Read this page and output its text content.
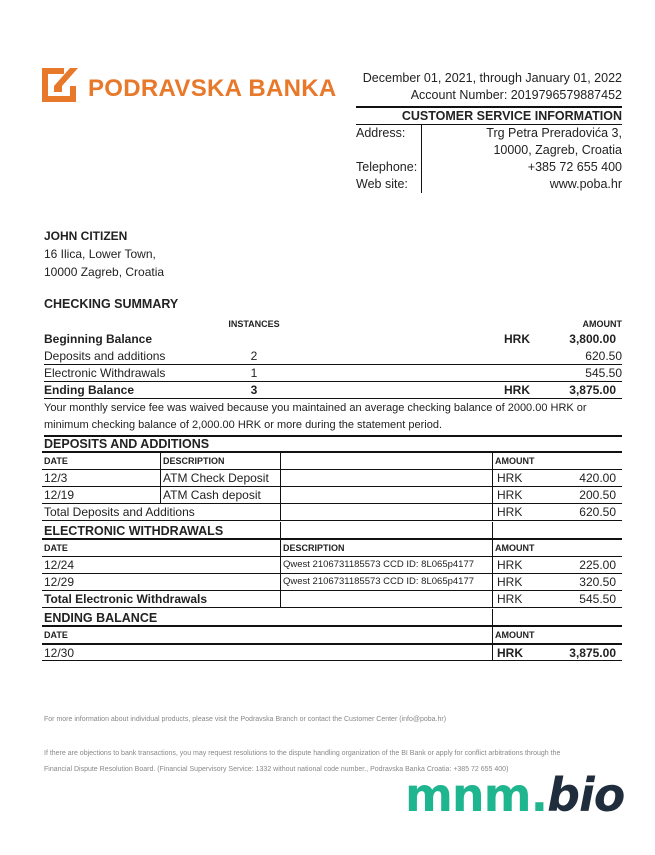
PODRAVSKA BANKA	December 01, 2021, through January 01, 2022
Account Number: 2019796579887452
CUSTOMER SERVICE INFORMATION
Address:	Trg Petra Preradovića 3,

10000, Zagreb, Croatia
Telephone:	+385 72 655 400
Web site:	www.poba.hr
JOHN CITIZEN
16 Ilica, Lower Town,
10000 Zagreb, Croatia
CHECKING SUMMARY
INSTANCES	AMOUNT
Beginning Balance	HRK	3,800.00
Deposits and additions	2	620.50
Electronic Withdrawals	1	545.50
Ending Balance	3	HRK	3,875.00
Your monthly service fee was waived because you maintained an average checking balance of 2000.00 HRK or minimum checking balance of 2,000.00 HRK or more during the statement period.
DEPOSITS AND ADDITIONS
DATE	DESCRIPTION	AMOUNT
12/3	ATM Check Deposit	HRK	420.00
12/19	ATM Cash deposit	HRK	200.50
Total Deposits and Additions	HRK	620.50
ELECTRONIC WITHDRAWALS
DATE	DESCRIPTION	AMOUNT
12/24	Qwest 2106731185573 CCD ID: 8L065p4177	HRK	225.00
12/29	Qwest 2106731185573 CCD ID: 8L065p4177	HRK	320.50
Total Electronic Withdrawals	HRK	545.50
ENDING BALANCE
DATE	AMOUNT
12/30	HRK	3,875.00
For more information about individual products, please visit the Podravska Branch or contact the Customer Center (info@poba.hr)
If there are objections to bank transactions, you may request resolutions to the dispute handling organization of the BI Bank or apply for conflict arbitrations through the Financial Dispute Resolution Board. (Financial Supervisory Service: 1332 without national code number., Podravska Banka Croatia: +385 72 655 400)
mnm.bio
